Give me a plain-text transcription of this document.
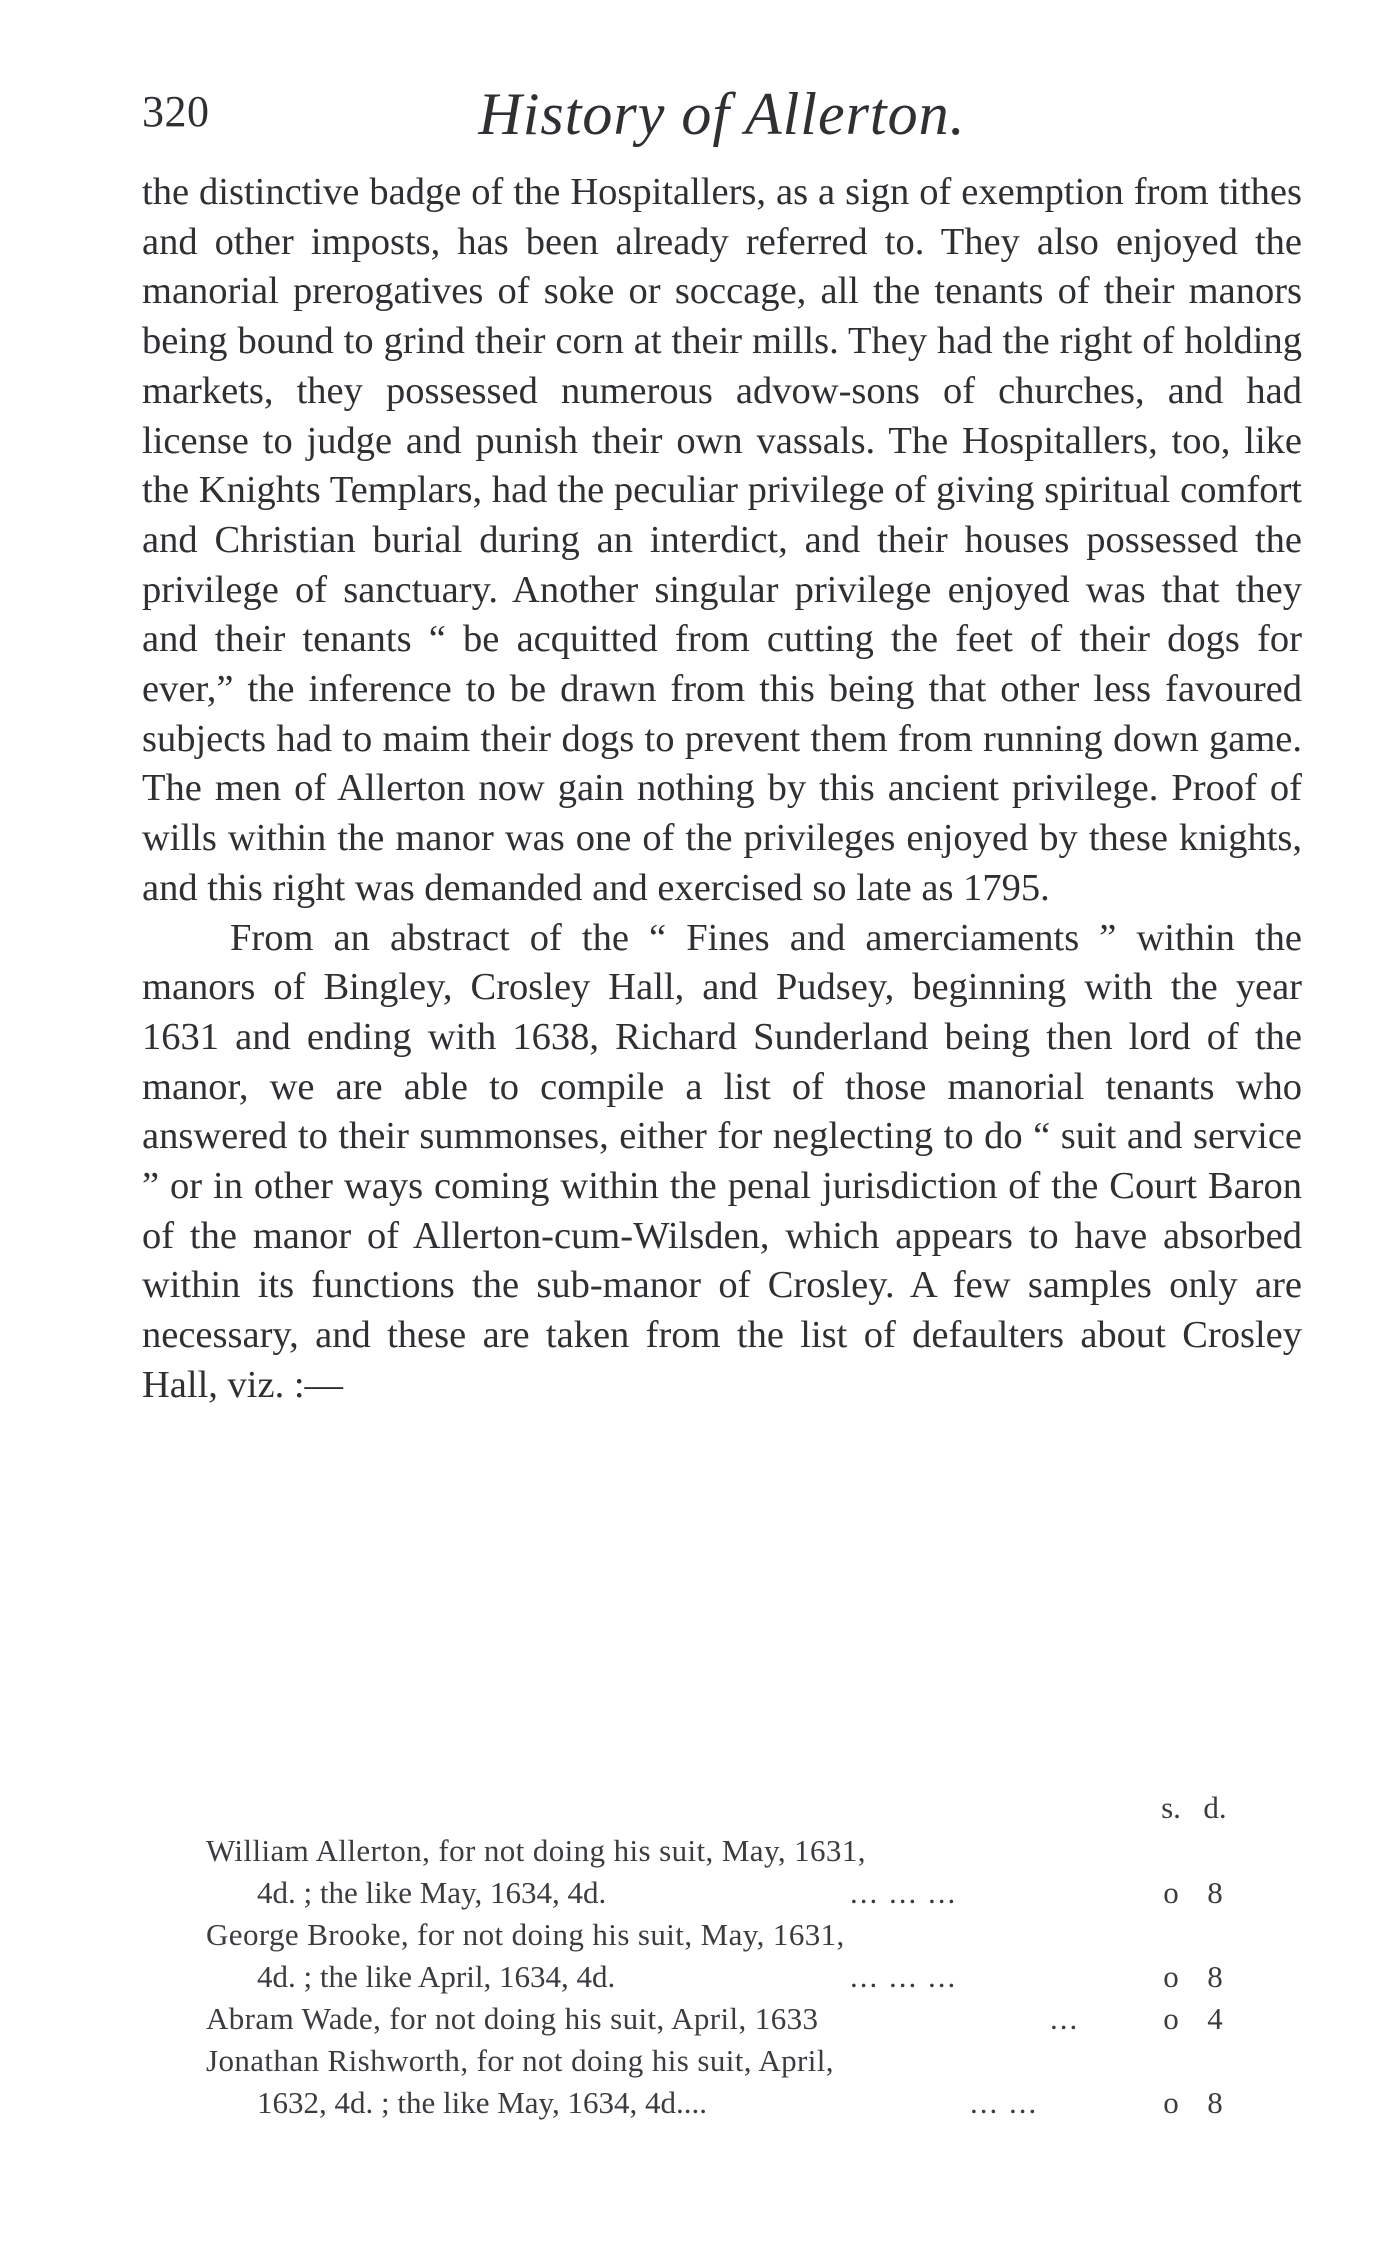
320	History of Allerton.

the distinctive badge of the Hospitallers, as a sign of exemption from tithes and other imposts, has been already referred to. They also enjoyed the manorial prerogatives of soke or soccage, all the tenants of their manors being bound to grind their corn at their mills. They had the right of holding markets, they possessed numerous advow-sons of churches, and had license to judge and punish their own vassals. The Hospitallers, too, like the Knights Templars, had the peculiar privilege of giving spiritual comfort and Christian burial during an interdict, and their houses possessed the privilege of sanctuary. Another singular privilege enjoyed was that they and their tenants “ be acquitted from cutting the feet of their dogs for ever,” the inference to be drawn from this being that other less favoured subjects had to maim their dogs to prevent them from running down game. The men of Allerton now gain nothing by this ancient privilege. Proof of wills within the manor was one of the privileges enjoyed by these knights, and this right was demanded and exercised so late as 1795.

From an abstract of the “ Fines and amerciaments ” within the manors of Bingley, Crosley Hall, and Pudsey, beginning with the year 1631 and ending with 1638, Richard Sunderland being then lord of the manor, we are able to compile a list of those manorial tenants who answered to their summonses, either for neglecting to do “ suit and service ” or in other ways coming within the penal jurisdiction of the Court Baron of the manor of Allerton-cum-Wilsden, which appears to have absorbed within its functions the sub-manor of Crosley. A few samples only are necessary, and these are taken from the list of defaulters about Crosley Hall, viz. :—

s. d.
William Allerton, for not doing his suit, May, 1631,
4d. ; the like May, 1634, 4d.	... ... ...	o 8
George Brooke, for not doing his suit, May, 1631,
4d. ; the like April, 1634, 4d.	... ... ...	o 8
Abram Wade, for not doing his suit, April, 1633	...	o 4
Jonathan Rishworth, for not doing his suit, April,
1632, 4d. ; the like May, 1634, 4d....	... ...	o 8
